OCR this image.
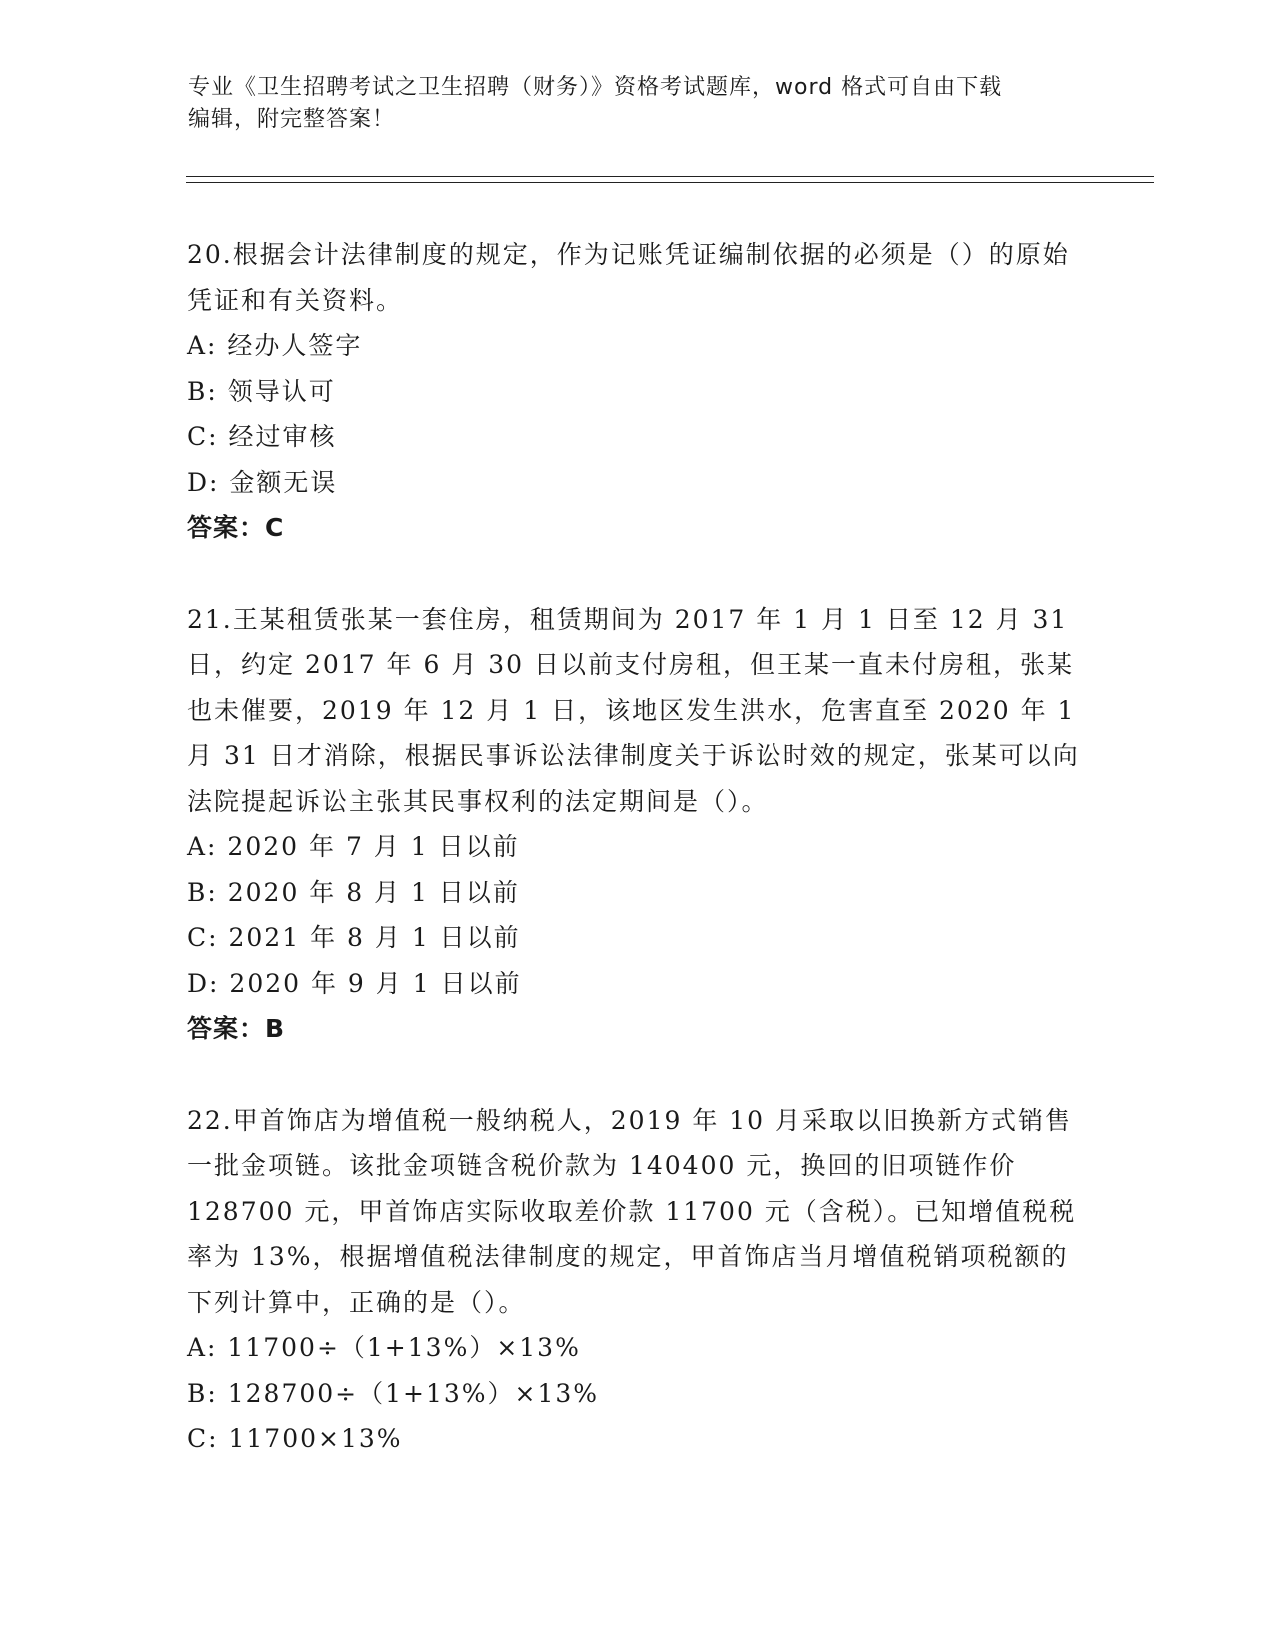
专业《卫生招聘考试之卫生招聘（财务）》资格考试题库，word 格式可自由下载
编辑，附完整答案！
20.根据会计法律制度的规定，作为记账凭证编制依据的必须是（）的原始凭证和有关资料。
A: 经办人签字
B: 领导认可
C: 经过审核
D: 金额无误
答案：C
21.王某租赁张某一套住房，租赁期间为 2017 年 1 月 1 日至 12 月 31 日，约定 2017 年 6 月 30 日以前支付房租，但王某一直未付房租，张某也未催要，2019 年 12 月 1 日，该地区发生洪水，危害直至 2020 年 1 月 31 日才消除，根据民事诉讼法律制度关于诉讼时效的规定，张某可以向法院提起诉讼主张其民事权利的法定期间是（）。
A: 2020 年 7 月 1 日以前
B: 2020 年 8 月 1 日以前
C: 2021 年 8 月 1 日以前
D: 2020 年 9 月 1 日以前
答案：B
22.甲首饰店为增值税一般纳税人，2019 年 10 月采取以旧换新方式销售一批金项链。该批金项链含税价款为 140400 元，换回的旧项链作价 128700 元，甲首饰店实际收取差价款 11700 元（含税）。已知增值税税率为 13%，根据增值税法律制度的规定，甲首饰店当月增值税销项税额的下列计算中，正确的是（）。
A: 11700÷（1+13%）×13%
B: 128700÷（1+13%）×13%
C: 11700×13%
